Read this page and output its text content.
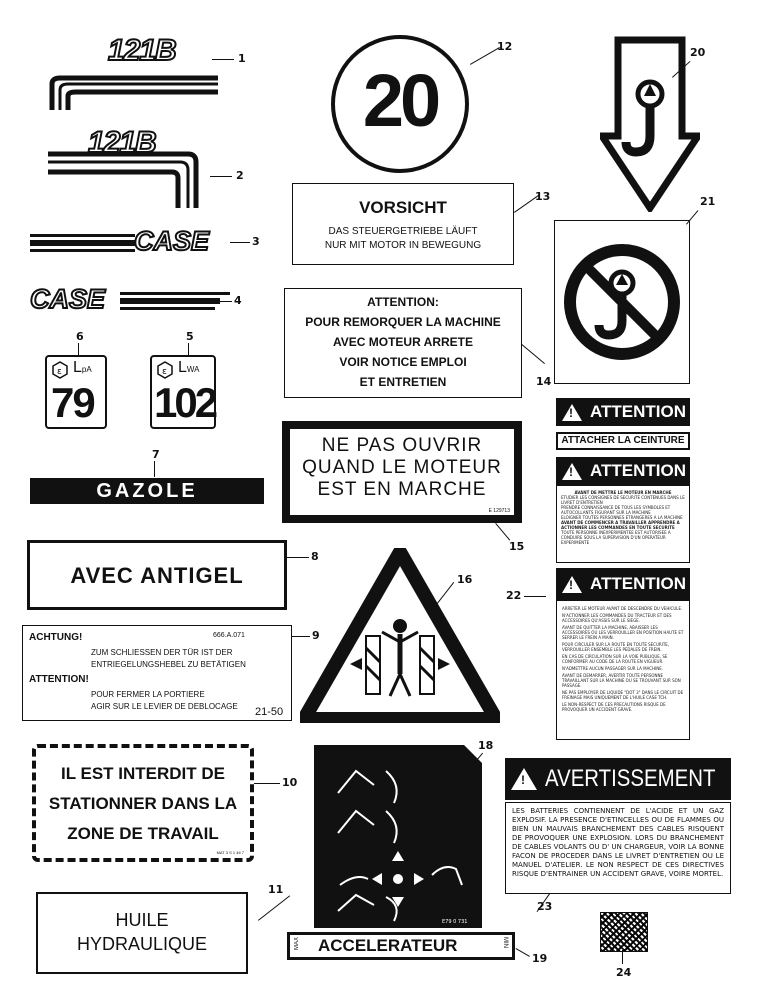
121B	1
121B
2
CASE	3
CASE	4
6
ε LpA
79
5
ε LWA
102
7
GAZOLE
AVEC ANTIGEL
8
ACHTUNG!	666.A.071
ZUM SCHLIESSEN DER TÜR IST DER
ENTRIEGELUNGSHEBEL ZU BETÄTIGEN
ATTENTION!
POUR FERMER LA PORTIERE
AGIR SUR LE LEVIER DE DEBLOCAGE 21-50
9
IL EST INTERDIT DE
STATIONNER DANS LA
ZONE DE TRAVAIL
MAT 3 S 1 46 7
10
HUILE
HYDRAULIQUE
11
20
12
VORSICHT
DAS STEUERGETRIEBE LÄUFT
NUR MIT MOTOR IN BEWEGUNG
13
ATTENTION:
POUR REMORQUER LA MACHINE
AVEC MOTEUR ARRETE
VOIR NOTICE EMPLOI
ET ENTRETIEN	14
NE PAS OUVRIR
QUAND LE MOTEUR
EST EN MARCHE
E 129713
15
16
E79 0 731
18
MAX ACCELERATEUR	MIN
19
20
21
! ATTENTION
ATTACHER LA CEINTURE
! ATTENTION
AVANT DE METTRE LE MOTEUR EN MARCHE
ETUDIER LES CONSIGNES DE SECURITE CONTENUES DANS LE LIVRET D'ENTRETIEN
PRENDRE CONNAISSANCE DE TOUS LES SYMBOLES ET AUTOCOLLANTS FIGURANT SUR LA MACHINE
ELOIGNER TOUTES PERSONNES ETRANGERES A LA MACHINE
AVANT DE COMMENCER A TRAVAILLER APPRENDRE A ACTIONNER LES COMMANDES EN TOUTE SECURITE
TOUTE PERSONNE INEXPERIMENTEE EST AUTORISEE A CONDUIRE SOUS LA SUPERVISION D'UN OPERATEUR EXPERIMENTE
22
! ATTENTION
ARRETER LE MOTEUR AVANT DE DESCENDRE DU VEHICULE.
N'ACTIONNER LES COMMANDES DU TRACTEUR ET DES ACCESSOIRES QU'ASSIS SUR LE SIEGE.
AVANT DE QUITTER LA MACHINE, ABAISSER LES ACCESSOIRES OU LES VERROUILLER EN POSITION HAUTE ET SERRER LE FREIN A MAIN.
POUR CIRCULER SUR LA ROUTE EN TOUTE SECURITE, VERROUILLER ENSEMBLE LES PEDALES DE FREIN.
EN CAS DE CIRCULATION SUR LA VOIE PUBLIQUE, SE CONFORMER AU CODE DE LA ROUTE EN VIGUEUR.
N'ADMETTRE AUCUN PASSAGER SUR LA MACHINE.
AVANT DE DEMARRER, AVERTIR TOUTE PERSONNE TRAVAILLANT SUR LA MACHINE OU SE TROUVANT SUR SON PASSAGE.
NE PAS EMPLOYER DE LIQUIDE "DOT 3" DANS LE CIRCUIT DE FREINAGE MAIS UNIQUEMENT DE L'HUILE CASE TCH.
LE NON-RESPECT DE CES PRECAUTIONS RISQUE DE PROVOQUER UN ACCIDENT GRAVE.
! AVERTISSEMENT
LES BATTERIES CONTIENNENT DE L'ACIDE ET UN GAZ EXPLOSIF. LA PRESENCE D'ETINCELLES OU DE FLAMMES OU BIEN UN MAUVAIS BRANCHEMENT DES CABLES RISQUENT DE PROVOQUER UNE EXPLOSION. LORS DU BRANCHEMENT DE CABLES VOLANTS OU D' UN CHARGEUR, VOIR LA BONNE FACON DE PROCEDER DANS LE LIVRET D'ENTRETIEN OU LE MANUEL D'ATELIER. LE NON RESPECT DE CES DIRECTIVES RISQUE D'ENTRAINER UN ACCIDENT GRAVE, VOIRE MORTEL.
23
24
